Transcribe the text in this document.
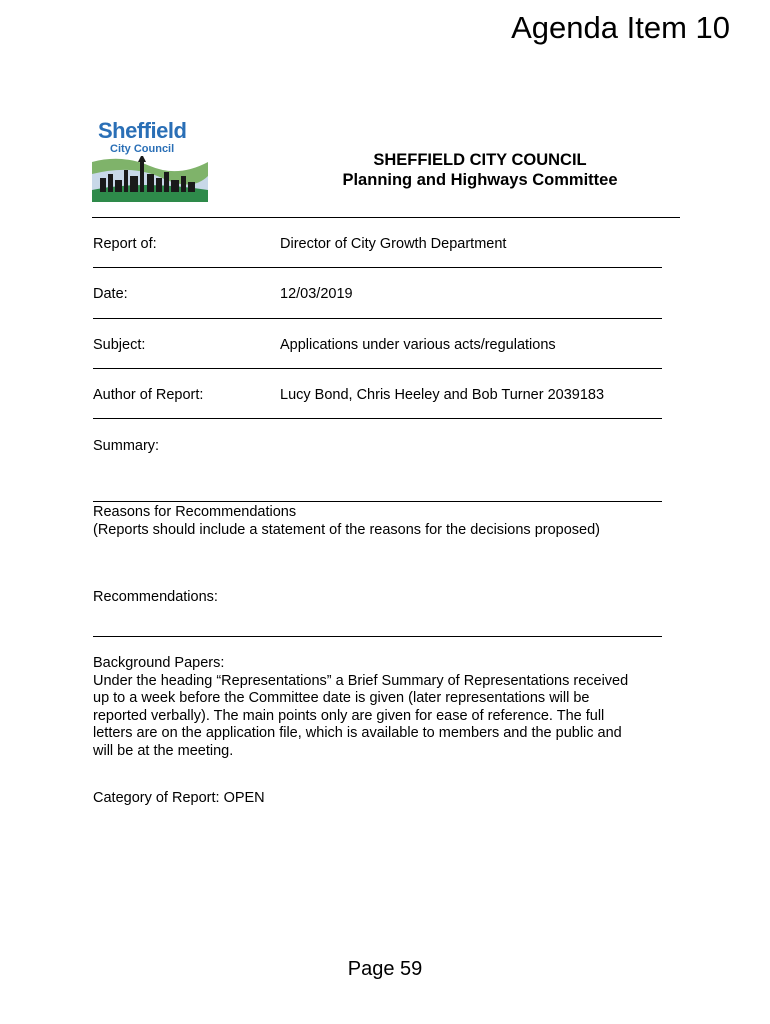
Agenda Item 10
Sheffield
City Council
SHEFFIELD CITY COUNCIL
Planning and Highways Committee
Report of:	Director of City Growth Department
Date:	12/03/2019
Subject:	Applications under various acts/regulations
Author of Report:	Lucy Bond, Chris Heeley and Bob Turner 2039183
Summary:
Reasons for Recommendations
(Reports should include a statement of the reasons for the decisions proposed)
Recommendations:
Background Papers:
Under the heading “Representations” a Brief Summary of Representations received
up to a week before the Committee date is given (later representations will be
reported verbally). The main points only are given for ease of reference. The full
letters are on the application file, which is available to members and the public and
will be at the meeting.
Category of Report: OPEN
Page 59
